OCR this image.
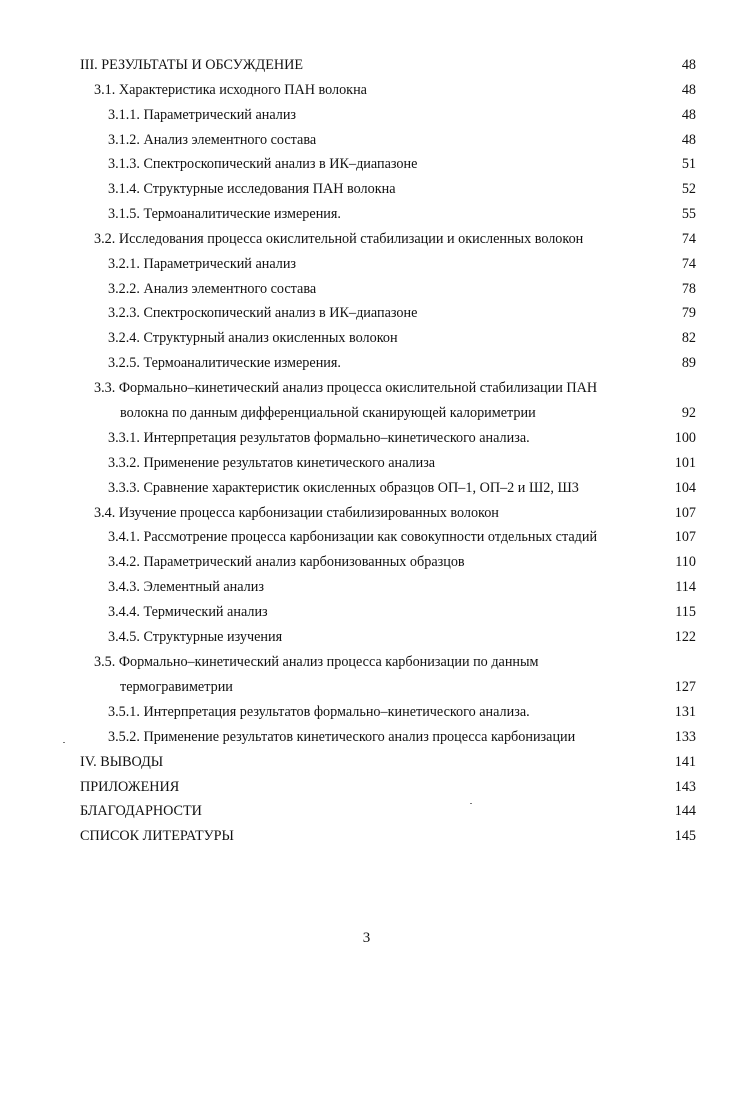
III. РЕЗУЛЬТАТЫ И ОБСУЖДЕНИЕ	48
3.1. Характеристика исходного ПАН волокна	48
3.1.1. Параметрический анализ	48
3.1.2. Анализ элементного состава	48
3.1.3. Спектроскопический анализ в ИК–диапазоне	51
3.1.4. Структурные исследования ПАН волокна	52
3.1.5. Термоаналитические измерения.	55
3.2. Исследования процесса окислительной стабилизации и окисленных волокон	74
3.2.1. Параметрический анализ	74
3.2.2. Анализ элементного состава	78
3.2.3. Спектроскопический анализ в ИК–диапазоне	79
3.2.4. Структурный анализ окисленных волокон	82
3.2.5. Термоаналитические измерения.	89
3.3. Формально–кинетический анализ процесса окислительной стабилизации ПАН
волокна по данным дифференциальной сканирующей калориметрии	92
3.3.1. Интерпретация результатов формально–кинетического анализа.	100
3.3.2. Применение результатов кинетического анализа	101
3.3.3. Сравнение характеристик окисленных образцов ОП–1, ОП–2 и Ш2, Ш3	104
3.4. Изучение процесса карбонизации стабилизированных волокон	107
3.4.1. Рассмотрение процесса карбонизации как совокупности отдельных стадий	107
3.4.2. Параметрический анализ карбонизованных образцов	110
3.4.3. Элементный анализ	114
3.4.4. Термический анализ	115
3.4.5. Структурные изучения	122
3.5. Формально–кинетический анализ процесса карбонизации по данным
термогравиметрии	127
3.5.1. Интерпретация результатов формально–кинетического анализа.	131
3.5.2. Применение результатов кинетического анализ процесса карбонизации	133
IV. ВЫВОДЫ	141
ПРИЛОЖЕНИЯ	143
БЛАГОДАРНОСТИ	144
СПИСОК ЛИТЕРАТУРЫ	145
3
